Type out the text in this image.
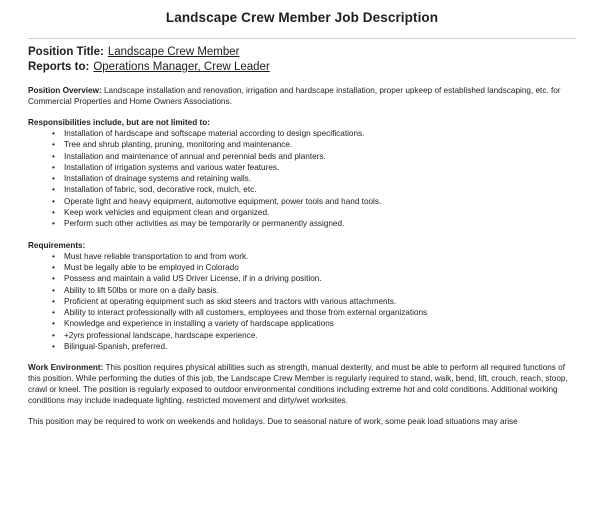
Landscape Crew Member Job Description
Position Title: Landscape Crew Member
Reports to: Operations Manager, Crew Leader
Position Overview: Landscape installation and renovation, irrigation and hardscape installation, proper upkeep of established landscaping, etc. for Commercial Properties and Home Owners Associations.
Responsibilities include, but are not limited to:
• Installation of hardscape and softscape material according to design specifications.
• Tree and shrub planting, pruning, monitoring and maintenance.
• Installation and maintenance of annual and perennial beds and planters.
• Installation of irrigation systems and various water features.
• Installation of drainage systems and retaining walls.
• Installation of fabric, sod, decorative rock, mulch, etc.
• Operate light and heavy equipment, automotive equipment, power tools and hand tools.
• Keep work vehicles and equipment clean and organized.
• Perform such other activities as may be temporarily or permanently assigned.
Requirements:
• Must have reliable transportation to and from work.
• Must be legally able to be employed in Colorado
• Possess and maintain a valid US Driver License, if in a driving position.
• Ability to lift 50lbs or more on a daily basis.
• Proficient at operating equipment such as skid steers and tractors with various attachments.
• Ability to interact professionally with all customers, employees and those from external organizations
• Knowledge and experience in installing a variety of hardscape applications
• +2yrs professional landscape, hardscape experience.
• Bilingual-Spanish, preferred.
Work Environment: This position requires physical abilities such as strength, manual dexterity, and must be able to perform all required functions of this position. While performing the duties of this job, the Landscape Crew Member is regularly required to stand, walk, bend, lift, crouch, reach, stoop, crawl or kneel. The position is regularly exposed to outdoor environmental conditions including extreme hot and cold conditions. Additional working conditions may include inadequate lighting, restricted movement and dirty/wet worksites.
This position may be required to work on weekends and holidays. Due to seasonal nature of work, some peak load situations may arise
